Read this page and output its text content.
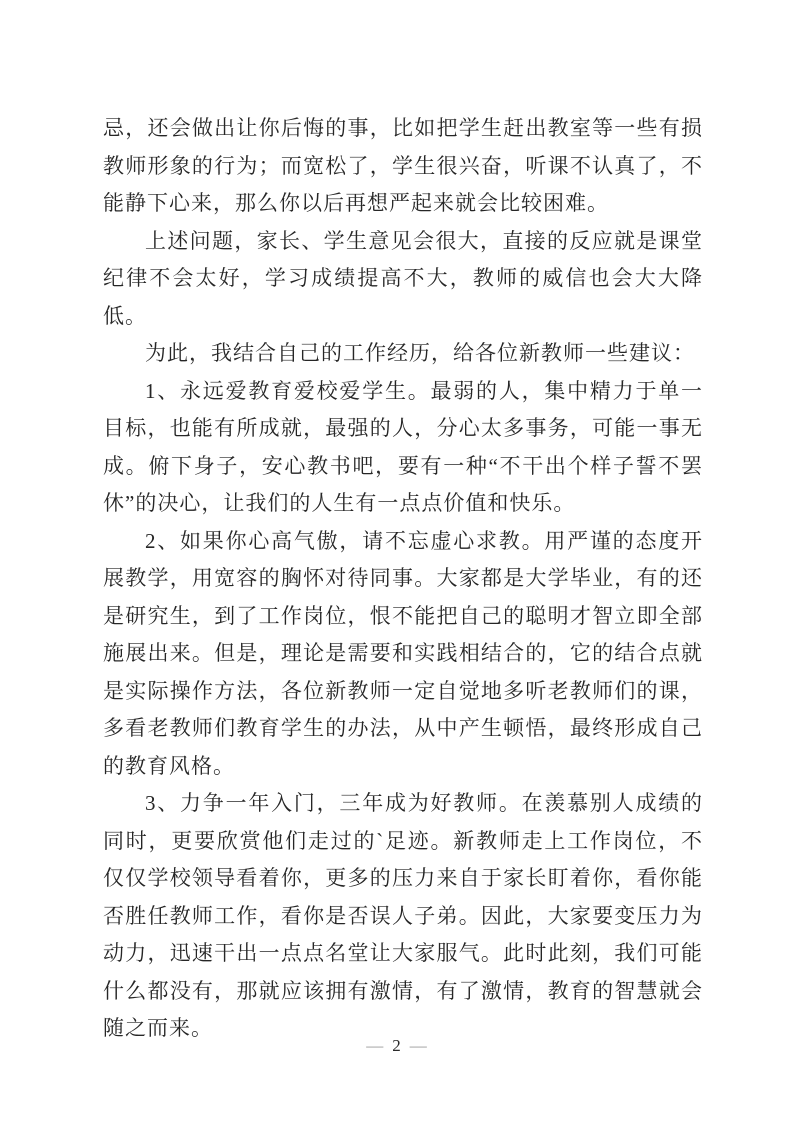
忌，还会做出让你后悔的事，比如把学生赶出教室等一些有损教师形象的行为；而宽松了，学生很兴奋，听课不认真了，不能静下心来，那么你以后再想严起来就会比较困难。

上述问题，家长、学生意见会很大，直接的反应就是课堂纪律不会太好，学习成绩提高不大，教师的威信也会大大降低。

为此，我结合自己的工作经历，给各位新教师一些建议：

1、永远爱教育爱校爱学生。最弱的人，集中精力于单一目标，也能有所成就，最强的人，分心太多事务，可能一事无成。俯下身子，安心教书吧，要有一种“不干出个样子誓不罢休”的决心，让我们的人生有一点点价值和快乐。

2、如果你心高气傲，请不忘虚心求教。用严谨的态度开展教学，用宽容的胸怀对待同事。大家都是大学毕业，有的还是研究生，到了工作岗位，恨不能把自己的聪明才智立即全部施展出来。但是，理论是需要和实践相结合的，它的结合点就是实际操作方法，各位新教师一定自觉地多听老教师们的课，多看老教师们教育学生的办法，从中产生顿悟，最终形成自己的教育风格。

3、力争一年入门，三年成为好教师。在羡慕别人成绩的同时，更要欣赏他们走过的`足迹。新教师走上工作岗位，不仅仅学校领导看着你，更多的压力来自于家长盯着你，看你能否胜任教师工作，看你是否误人子弟。因此，大家要变压力为动力，迅速干出一点点名堂让大家服气。此时此刻，我们可能什么都没有，那就应该拥有激情，有了激情，教育的智慧就会随之而来。

— 2 —
